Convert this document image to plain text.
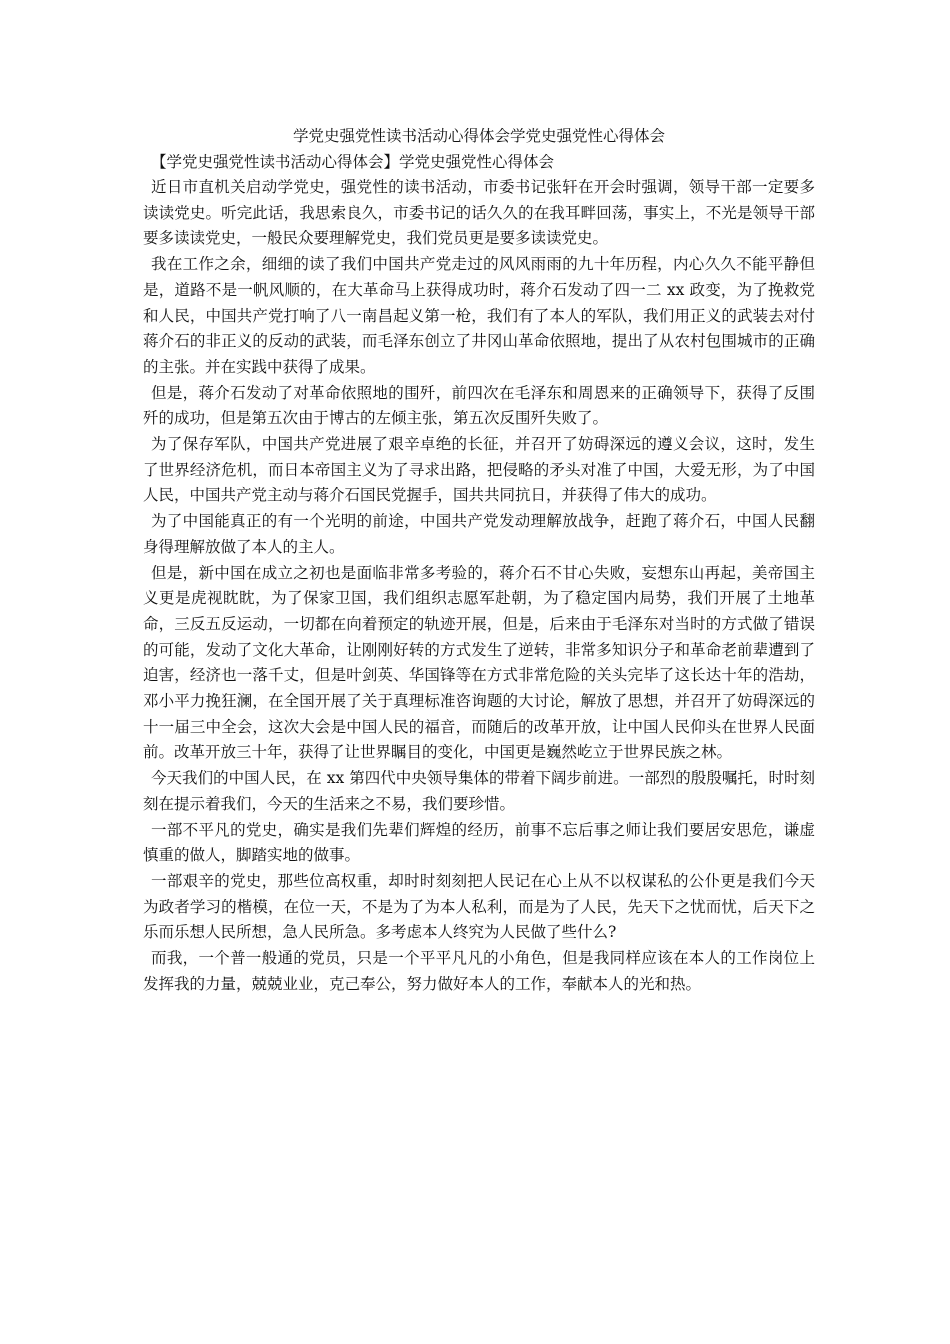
学党史强党性读书活动心得体会学党史强党性心得体会

【学党史强党性读书活动心得体会】学党史强党性心得体会

近日市直机关启动学党史，强党性的读书活动，市委书记张轩在开会时强调，领导干部一定要多读读党史。听完此话，我思索良久，市委书记的话久久的在我耳畔回荡，事实上，不光是领导干部要多读读党史，一般民众要理解党史，我们党员更是要多读读党史。

我在工作之余，细细的读了我们中国共产党走过的风风雨雨的九十年历程，内心久久不能平静但是，道路不是一帆风顺的，在大革命马上获得成功时，蒋介石发动了四一二 xx 政变，为了挽救党和人民，中国共产党打响了八一南昌起义第一枪，我们有了本人的军队，我们用正义的武装去对付蒋介石的非正义的反动的武装，而毛泽东创立了井冈山革命依照地，提出了从农村包围城市的正确的主张。并在实践中获得了成果。

但是，蒋介石发动了对革命依照地的围歼，前四次在毛泽东和周恩来的正确领导下，获得了反围歼的成功，但是第五次由于博古的左倾主张，第五次反围歼失败了。

为了保存军队，中国共产党进展了艰辛卓绝的长征，并召开了妨碍深远的遵义会议，这时，发生了世界经济危机，而日本帝国主义为了寻求出路，把侵略的矛头对准了中国，大爱无形，为了中国人民，中国共产党主动与蒋介石国民党握手，国共共同抗日，并获得了伟大的成功。

为了中国能真正的有一个光明的前途，中国共产党发动理解放战争，赶跑了蒋介石，中国人民翻身得理解放做了本人的主人。

但是，新中国在成立之初也是面临非常多考验的，蒋介石不甘心失败，妄想东山再起，美帝国主义更是虎视眈眈，为了保家卫国，我们组织志愿军赴朝，为了稳定国内局势，我们开展了土地革命，三反五反运动，一切都在向着预定的轨迹开展，但是，后来由于毛泽东对当时的方式做了错误的可能，发动了文化大革命，让刚刚好转的方式发生了逆转，非常多知识分子和革命老前辈遭到了迫害，经济也一落千丈，但是叶剑英、华国锋等在方式非常危险的关头完毕了这长达十年的浩劫，邓小平力挽狂澜，在全国开展了关于真理标准咨询题的大讨论，解放了思想，并召开了妨碍深远的十一届三中全会，这次大会是中国人民的福音，而随后的改革开放，让中国人民仰头在世界人民面前。改革开放三十年，获得了让世界瞩目的变化，中国更是巍然屹立于世界民族之林。

今天我们的中国人民，在 xx 第四代中央领导集体的带着下阔步前进。一部烈的殷殷嘱托，时时刻刻在提示着我们，今天的生活来之不易，我们要珍惜。

一部不平凡的党史，确实是我们先辈们辉煌的经历，前事不忘后事之师让我们要居安思危，谦虚慎重的做人，脚踏实地的做事。

一部艰辛的党史，那些位高权重，却时时刻刻把人民记在心上从不以权谋私的公仆更是我们今天为政者学习的楷模，在位一天，不是为了为本人私利，而是为了人民，先天下之忧而忧，后天下之乐而乐想人民所想，急人民所急。多考虑本人终究为人民做了些什么?

而我，一个普一般通的党员，只是一个平平凡凡的小角色，但是我同样应该在本人的工作岗位上发挥我的力量，兢兢业业，克己奉公，努力做好本人的工作，奉献本人的光和热。
